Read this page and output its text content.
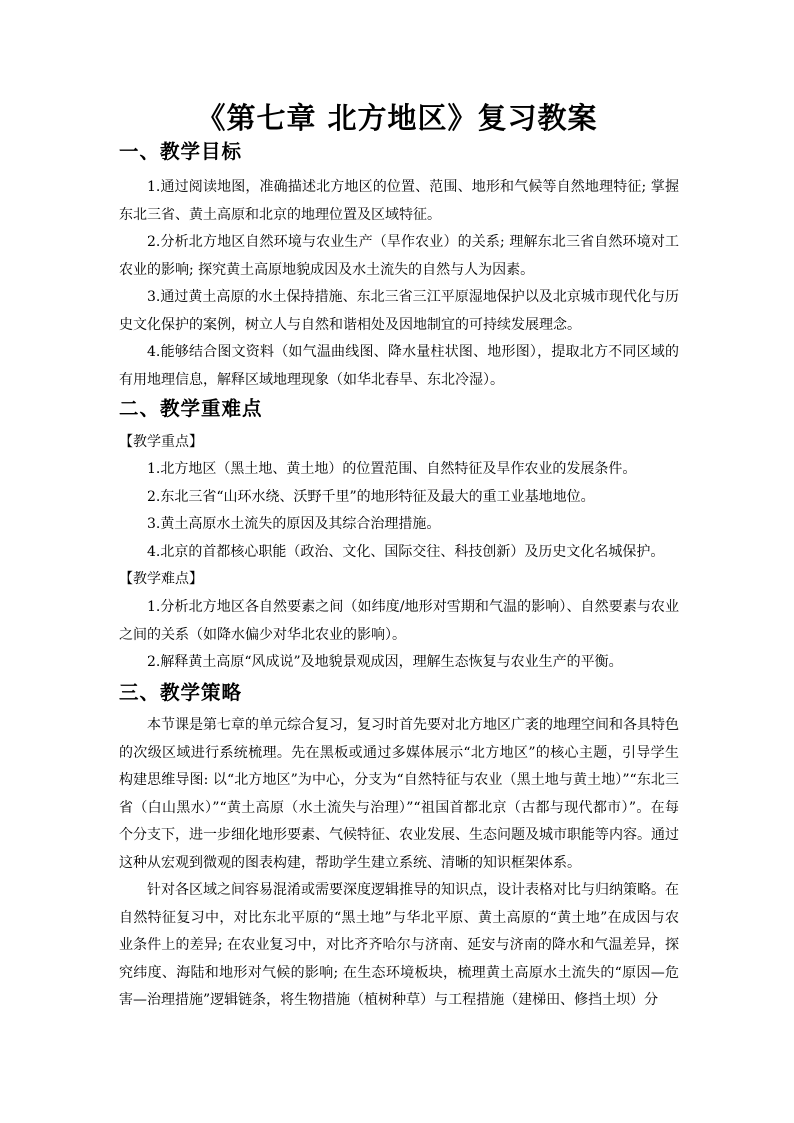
《第七章 北方地区》复习教案
一、教学目标

1.通过阅读地图，准确描述北方地区的位置、范围、地形和气候等自然地理特征; 掌握东北三省、黄土高原和北京的地理位置及区域特征。

2.分析北方地区自然环境与农业生产（旱作农业）的关系; 理解东北三省自然环境对工农业的影响; 探究黄土高原地貌成因及水土流失的自然与人为因素。

3.通过黄土高原的水土保持措施、东北三省三江平原湿地保护以及北京城市现代化与历史文化保护的案例，树立人与自然和谐相处及因地制宜的可持续发展理念。

4.能够结合图文资料（如气温曲线图、降水量柱状图、地形图），提取北方不同区域的有用地理信息，解释区域地理现象（如华北春旱、东北冷湿）。

二、教学重难点

【教学重点】

1.北方地区（黑土地、黄土地）的位置范围、自然特征及旱作农业的发展条件。

2.东北三省“山环水绕、沃野千里”的地形特征及最大的重工业基地地位。

3.黄土高原水土流失的原因及其综合治理措施。

4.北京的首都核心职能（政治、文化、国际交往、科技创新）及历史文化名城保护。

【教学难点】

1.分析北方地区各自然要素之间（如纬度/地形对雪期和气温的影响）、自然要素与农业之间的关系（如降水偏少对华北农业的影响）。

2.解释黄土高原“风成说”及地貌景观成因，理解生态恢复与农业生产的平衡。

三、教学策略

本节课是第七章的单元综合复习，复习时首先要对北方地区广袤的地理空间和各具特色的次级区域进行系统梳理。先在黑板或通过多媒体展示“北方地区”的核心主题，引导学生构建思维导图: 以“北方地区”为中心，分支为“自然特征与农业（黑土地与黄土地）”“东北三省（白山黑水）”“黄土高原（水土流失与治理）”“祖国首都北京（古都与现代都市）”。在每个分支下，进一步细化地形要素、气候特征、农业发展、生态问题及城市职能等内容。通过这种从宏观到微观的图表构建，帮助学生建立系统、清晰的知识框架体系。

针对各区域之间容易混淆或需要深度逻辑推导的知识点，设计表格对比与归纳策略。在自然特征复习中，对比东北平原的“黑土地”与华北平原、黄土高原的“黄土地”在成因与农业条件上的差异; 在农业复习中，对比齐齐哈尔与济南、延安与济南的降水和气温差异，探究纬度、海陆和地形对气候的影响; 在生态环境板块，梳理黄土高原水土流失的“原因—危害—治理措施”逻辑链条，将生物措施（植树种草）与工程措施（建梯田、修挡土坝）分
